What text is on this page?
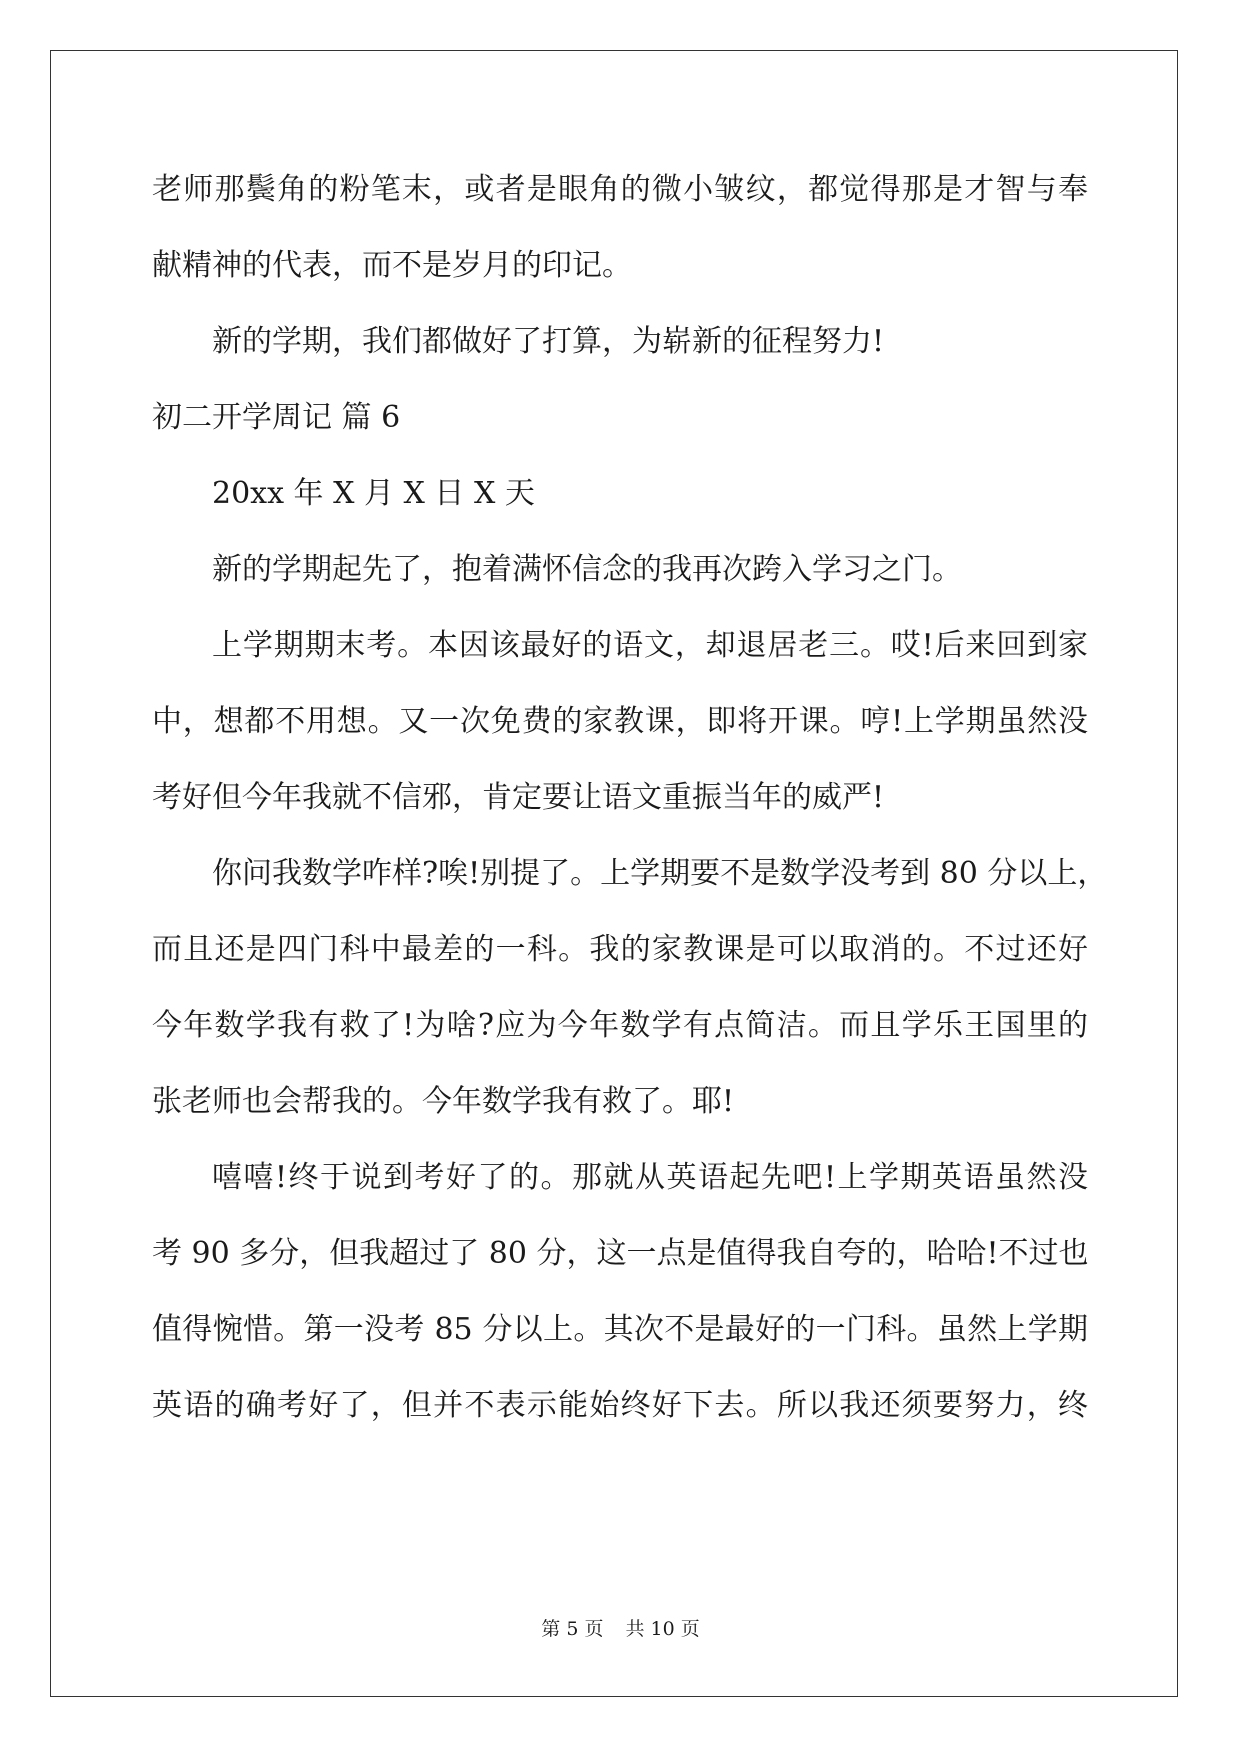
老师那鬓角的粉笔末，或者是眼角的微小皱纹，都觉得那是才智与奉
献精神的代表，而不是岁月的印记。
新的学期，我们都做好了打算，为崭新的征程努力!
初二开学周记 篇 6
20xx 年 X 月 X 日 X 天
新的学期起先了，抱着满怀信念的我再次跨入学习之门。
上学期期末考。本因该最好的语文，却退居老三。哎!后来回到家
中，想都不用想。又一次免费的家教课，即将开课。哼!上学期虽然没
考好但今年我就不信邪，肯定要让语文重振当年的威严!
你问我数学咋样?唉!别提了。上学期要不是数学没考到 80 分以上，
而且还是四门科中最差的一科。我的家教课是可以取消的。不过还好
今年数学我有救了!为啥?应为今年数学有点简洁。而且学乐王国里的
张老师也会帮我的。今年数学我有救了。耶!
嘻嘻!终于说到考好了的。那就从英语起先吧!上学期英语虽然没
考 90 多分，但我超过了 80 分，这一点是值得我自夸的，哈哈!不过也
值得惋惜。第一没考 85 分以上。其次不是最好的一门科。虽然上学期
英语的确考好了，但并不表示能始终好下去。所以我还须要努力，终
第 5 页 共 10 页
